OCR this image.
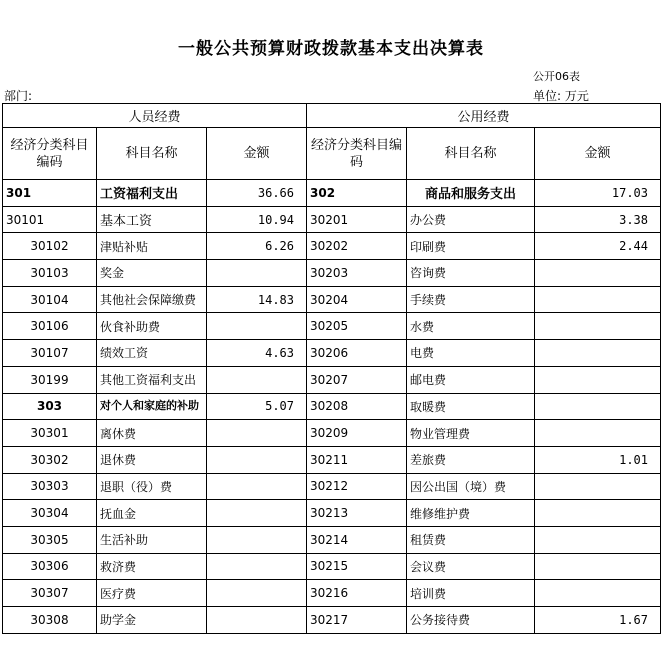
一般公共预算财政拨款基本支出决算表
公开06表
部门:	单位: 万元
人员经费			公用经费		
经济分类科目编码	科目名称	金额	经济分类科目编码	科目名称	金额
301	工资福利支出	36.66	302	商品和服务支出	17.03
30101	基本工资	10.94	30201	办公费	3.38
30102	津贴补贴	6.26	30202	印刷费	2.44
30103	奖金		30203	咨询费	
30104	其他社会保障缴费	14.83	30204	手续费	
30106	伙食补助费		30205	水费	
30107	绩效工资	4.63	30206	电费	
30199	其他工资福利支出		30207	邮电费	
303	对个人和家庭的补助	5.07	30208	取暖费	
30301	离休费		30209	物业管理费	
30302	退休费		30211	差旅费	1.01
30303	退职（役）费		30212	因公出国（境）费	
30304	抚血金		30213	维修维护费	
30305	生活补助		30214	租赁费	
30306	救济费		30215	会议费	
30307	医疗费		30216	培训费	
30308	助学金		30217	公务接待费	1.67
